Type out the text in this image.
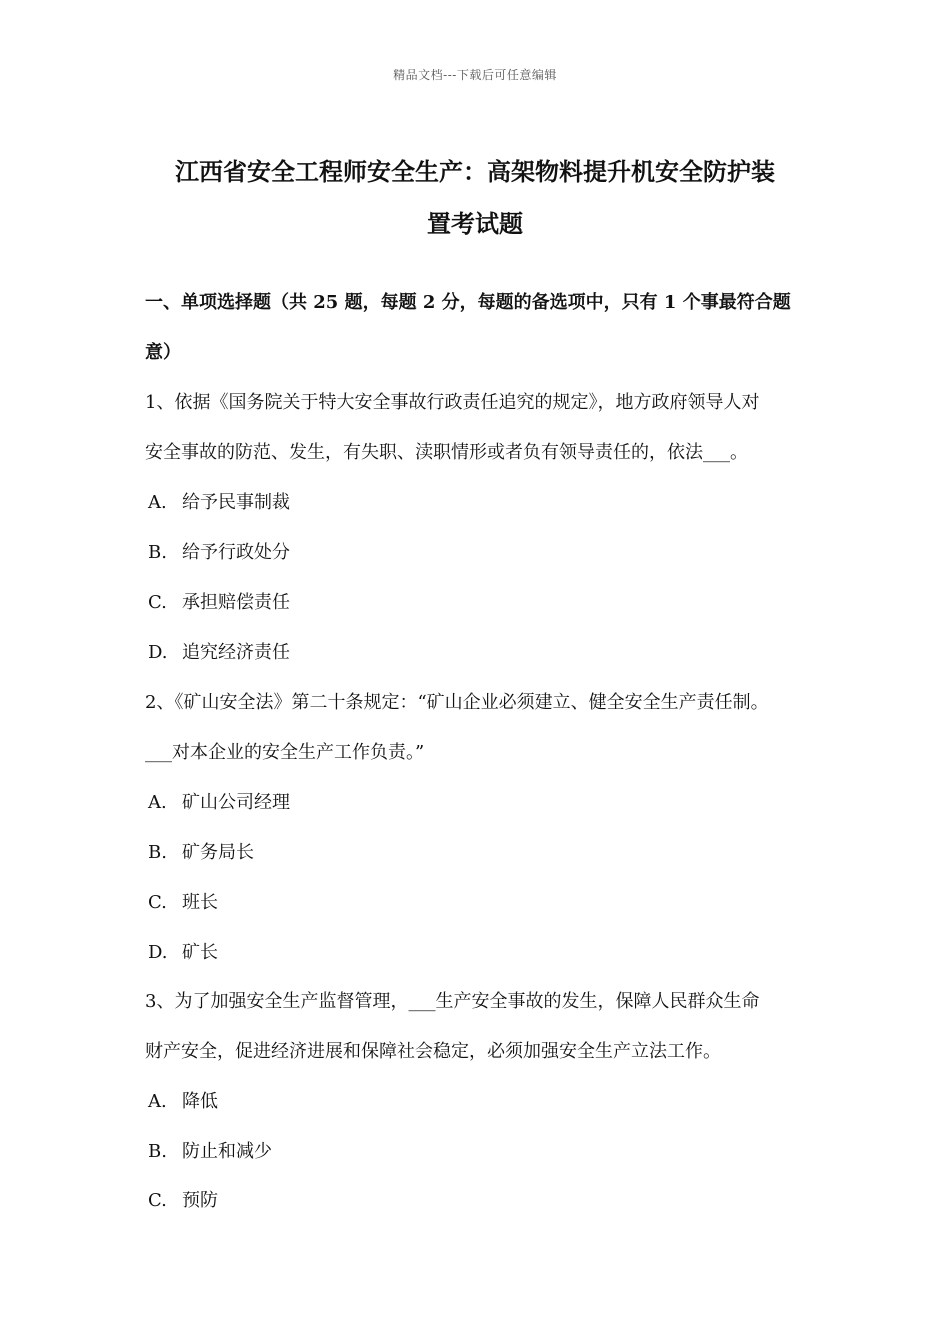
精品文档---下载后可任意编辑
江西省安全工程师安全生产：高架物料提升机安全防护装
置考试题
一、单项选择题（共 25 题，每题 2 分，每题的备选项中，只有 1 个事最符合题
意）
1、依据《国务院关于特大安全事故行政责任追究的规定》，地方政府领导人对
安全事故的防范、发生，有失职、渎职情形或者负有领导责任的，依法___。
A. 给予民事制裁
B. 给予行政处分
C. 承担赔偿责任
D. 追究经济责任
2、《矿山安全法》第二十条规定：“矿山企业必须建立、健全安全生产责任制。
___对本企业的安全生产工作负责。”
A. 矿山公司经理
B. 矿务局长
C. 班长
D. 矿长
3、为了加强安全生产监督管理，___生产安全事故的发生，保障人民群众生命
财产安全，促进经济进展和保障社会稳定，必须加强安全生产立法工作。
A. 降低
B. 防止和减少
C. 预防
